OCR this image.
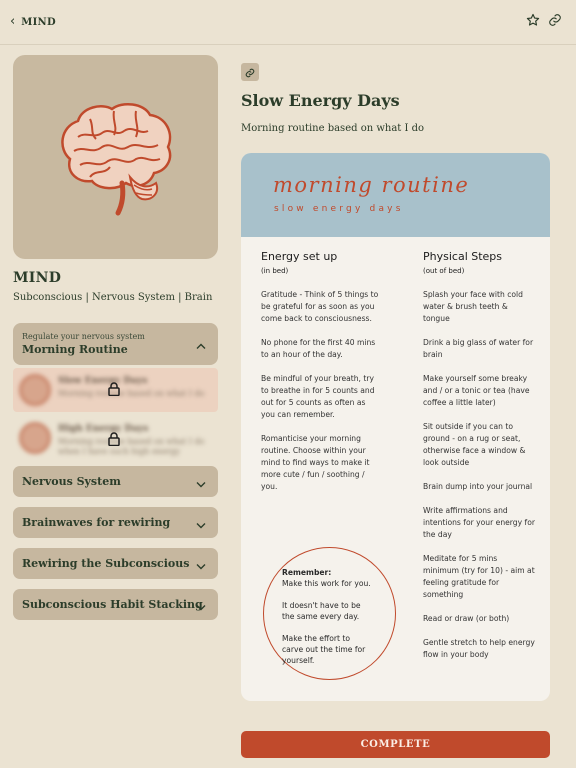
‹ MIND
MIND
Subconscious | Nervous System | Brain
Regulate your nervous system
Morning Routine
Slow Energy Days
Morning routine based on what I do
High Energy Days
Morning routine based on what I do
when I have such high energy
Nervous System
Brainwaves for rewiring
Rewiring the Subconscious
Subconscious Habit Stacking
Slow Energy Days
Morning routine based on what I do
morning routine
slow energy days
Energy set up
(in bed)

Gratitude - Think of 5 things to be grateful for as soon as you come back to consciousness.

No phone for the first 40 mins to an hour of the day.

Be mindful of your breath, try to breathe in for 5 counts and out for 5 counts as often as you can remember.

Romanticise your morning routine. Choose within your mind to find ways to make it more cute / fun / soothing / you.

Physical Steps
(out of bed)

Splash your face with cold water & brush teeth & tongue

Drink a big glass of water for brain

Make yourself some breaky and / or a tonic or tea (have coffee a little later)

Sit outside if you can to ground - on a rug or seat, otherwise face a window & look outside

Brain dump into your journal

Write affirmations and intentions for your energy for the day

Meditate for 5 mins minimum (try for 10) - aim at feeling gratitude for something

Read or draw (or both)

Gentle stretch to help energy flow in your body

Remember:

Make this work for you.

It doesn't have to be the same every day.

Make the effort to carve out the time for yourself.

COMPLETE
